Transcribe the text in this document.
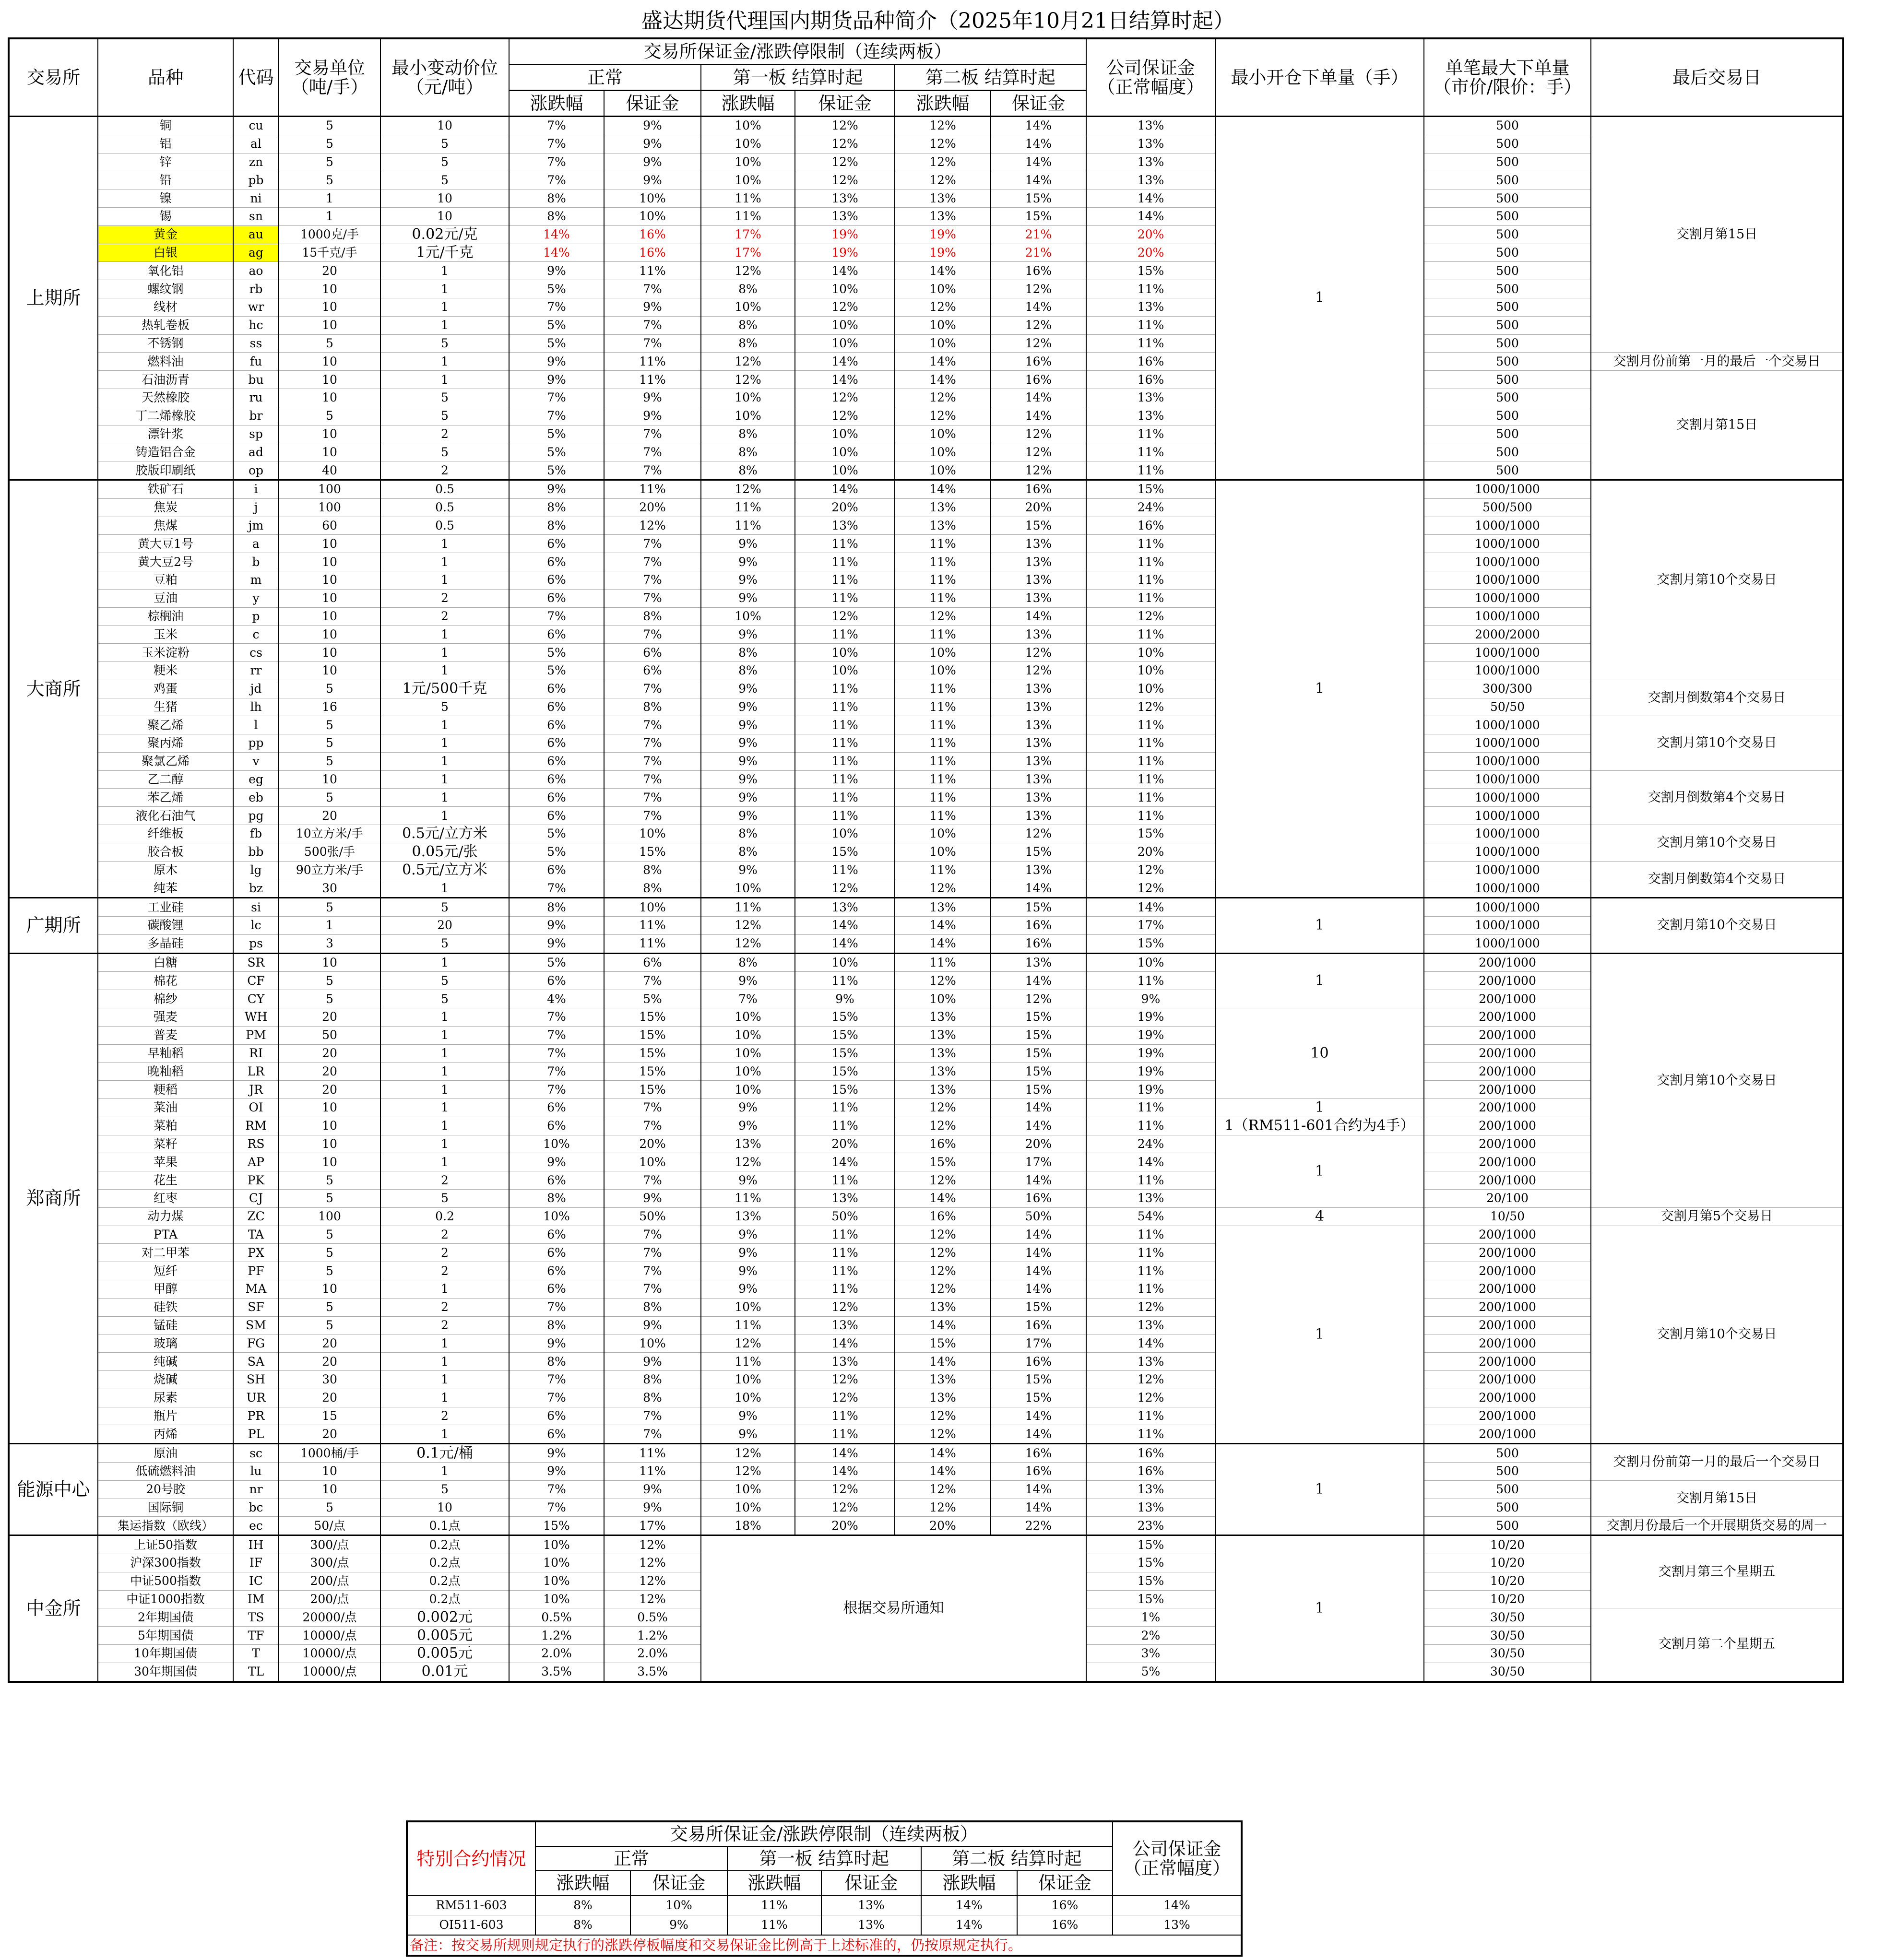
盛达期货代理国内期货品种简介（2025年10月21日结算时起）
交易所	品种	代码	交易单位
（吨/手）	最小变动价位
（元/吨）	交易所保证金/涨跌停限制（连续两板）						公司保证金
（正常幅度）	最小开仓下单量（手）	单笔最大下单量
（市价/限价：手）	最后交易日
					正常		第一板 结算时起		第二板 结算时起					
					涨跌幅	保证金	涨跌幅	保证金	涨跌幅	保证金				
上期所	铜	cu	5	10	7%	9%	10%	12%	12%	14%	13%	1	500	交割月第15日
	铝	al	5	5	7%	9%	10%	12%	12%	14%	13%		500	
	锌	zn	5	5	7%	9%	10%	12%	12%	14%	13%		500	
	铅	pb	5	5	7%	9%	10%	12%	12%	14%	13%		500	
	镍	ni	1	10	8%	10%	11%	13%	13%	15%	14%		500	
	锡	sn	1	10	8%	10%	11%	13%	13%	15%	14%		500	
	黄金	au	1000克/手	0.02元/克	14%	16%	17%	19%	19%	21%	20%		500	
	白银	ag	15千克/手	1元/千克	14%	16%	17%	19%	19%	21%	20%		500	
	氧化铝	ao	20	1	9%	11%	12%	14%	14%	16%	15%		500	
	螺纹钢	rb	10	1	5%	7%	8%	10%	10%	12%	11%		500	
	线材	wr	10	1	7%	9%	10%	12%	12%	14%	13%		500	
	热轧卷板	hc	10	1	5%	7%	8%	10%	10%	12%	11%		500	
	不锈钢	ss	5	5	5%	7%	8%	10%	10%	12%	11%		500	
	燃料油	fu	10	1	9%	11%	12%	14%	14%	16%	16%		500	交割月份前第一月的最后一个交易日
	石油沥青	bu	10	1	9%	11%	12%	14%	14%	16%	16%		500	交割月第15日
	天然橡胶	ru	10	5	7%	9%	10%	12%	12%	14%	13%		500	
	丁二烯橡胶	br	5	5	7%	9%	10%	12%	12%	14%	13%		500	
	漂针浆	sp	10	2	5%	7%	8%	10%	10%	12%	11%		500	
	铸造铝合金	ad	10	5	5%	7%	8%	10%	10%	12%	11%		500	
	胶版印刷纸	op	40	2	5%	7%	8%	10%	10%	12%	11%		500	
大商所	铁矿石	i	100	0.5	9%	11%	12%	14%	14%	16%	15%	1	1000/1000	交割月第10个交易日
	焦炭	j	100	0.5	8%	20%	11%	20%	13%	20%	24%		500/500	
	焦煤	jm	60	0.5	8%	12%	11%	13%	13%	15%	16%		1000/1000	
	黄大豆1号	a	10	1	6%	7%	9%	11%	11%	13%	11%		1000/1000	
	黄大豆2号	b	10	1	6%	7%	9%	11%	11%	13%	11%		1000/1000	
	豆粕	m	10	1	6%	7%	9%	11%	11%	13%	11%		1000/1000	
	豆油	y	10	2	6%	7%	9%	11%	11%	13%	11%		1000/1000	
	棕榈油	p	10	2	7%	8%	10%	12%	12%	14%	12%		1000/1000	
	玉米	c	10	1	6%	7%	9%	11%	11%	13%	11%		2000/2000	
	玉米淀粉	cs	10	1	5%	6%	8%	10%	10%	12%	10%		1000/1000	
	粳米	rr	10	1	5%	6%	8%	10%	10%	12%	10%		1000/1000	
	鸡蛋	jd	5	1元/500千克	6%	7%	9%	11%	11%	13%	10%		300/300	交割月倒数第4个交易日
	生猪	lh	16	5	6%	8%	9%	11%	11%	13%	12%		50/50	
	聚乙烯	l	5	1	6%	7%	9%	11%	11%	13%	11%		1000/1000	交割月第10个交易日
	聚丙烯	pp	5	1	6%	7%	9%	11%	11%	13%	11%		1000/1000	
	聚氯乙烯	v	5	1	6%	7%	9%	11%	11%	13%	11%		1000/1000	
	乙二醇	eg	10	1	6%	7%	9%	11%	11%	13%	11%		1000/1000	交割月倒数第4个交易日
	苯乙烯	eb	5	1	6%	7%	9%	11%	11%	13%	11%		1000/1000	
	液化石油气	pg	20	1	6%	7%	9%	11%	11%	13%	11%		1000/1000	
	纤维板	fb	10立方米/手	0.5元/立方米	5%	10%	8%	10%	10%	12%	15%		1000/1000	交割月第10个交易日
	胶合板	bb	500张/手	0.05元/张	5%	15%	8%	15%	10%	15%	20%		1000/1000	
	原木	lg	90立方米/手	0.5元/立方米	6%	8%	9%	11%	11%	13%	12%		1000/1000	交割月倒数第4个交易日
	纯苯	bz	30	1	7%	8%	10%	12%	12%	14%	12%		1000/1000	
广期所	工业硅	si	5	5	8%	10%	11%	13%	13%	15%	14%	1	1000/1000	交割月第10个交易日
	碳酸锂	lc	1	20	9%	11%	12%	14%	14%	16%	17%		1000/1000	
	多晶硅	ps	3	5	9%	11%	12%	14%	14%	16%	15%		1000/1000	
郑商所	白糖	SR	10	1	5%	6%	8%	10%	11%	13%	10%	1	200/1000	交割月第10个交易日
	棉花	CF	5	5	6%	7%	9%	11%	12%	14%	11%		200/1000	
	棉纱	CY	5	5	4%	5%	7%	9%	10%	12%	9%		200/1000	
	强麦	WH	20	1	7%	15%	10%	15%	13%	15%	19%	10	200/1000	
	普麦	PM	50	1	7%	15%	10%	15%	13%	15%	19%		200/1000	
	早籼稻	RI	20	1	7%	15%	10%	15%	13%	15%	19%		200/1000	
	晚籼稻	LR	20	1	7%	15%	10%	15%	13%	15%	19%		200/1000	
	粳稻	JR	20	1	7%	15%	10%	15%	13%	15%	19%		200/1000	
	菜油	OI	10	1	6%	7%	9%	11%	12%	14%	11%	1	200/1000	
	菜粕	RM	10	1	6%	7%	9%	11%	12%	14%	11%	1（RM511-601合约为4手）	200/1000	
	菜籽	RS	10	1	10%	20%	13%	20%	16%	20%	24%	1	200/1000	
	苹果	AP	10	1	9%	10%	12%	14%	15%	17%	14%		200/1000	
	花生	PK	5	2	6%	7%	9%	11%	12%	14%	11%		200/1000	
	红枣	CJ	5	5	8%	9%	11%	13%	14%	16%	13%		20/100	
	动力煤	ZC	100	0.2	10%	50%	13%	50%	16%	50%	54%	4	10/50	交割月第5个交易日
	PTA	TA	5	2	6%	7%	9%	11%	12%	14%	11%	1	200/1000	交割月第10个交易日
	对二甲苯	PX	5	2	6%	7%	9%	11%	12%	14%	11%		200/1000	
	短纤	PF	5	2	6%	7%	9%	11%	12%	14%	11%		200/1000	
	甲醇	MA	10	1	6%	7%	9%	11%	12%	14%	11%		200/1000	
	硅铁	SF	5	2	7%	8%	10%	12%	13%	15%	12%		200/1000	
	锰硅	SM	5	2	8%	9%	11%	13%	14%	16%	13%		200/1000	
	玻璃	FG	20	1	9%	10%	12%	14%	15%	17%	14%		200/1000	
	纯碱	SA	20	1	8%	9%	11%	13%	14%	16%	13%		200/1000	
	烧碱	SH	30	1	7%	8%	10%	12%	13%	15%	12%		200/1000	
	尿素	UR	20	1	7%	8%	10%	12%	13%	15%	12%		200/1000	
	瓶片	PR	15	2	6%	7%	9%	11%	12%	14%	11%		200/1000	
	丙烯	PL	20	1	6%	7%	9%	11%	12%	14%	11%		200/1000	
能源中心	原油	sc	1000桶/手	0.1元/桶	9%	11%	12%	14%	14%	16%	16%	1	500	交割月份前第一月的最后一个交易日
	低硫燃料油	lu	10	1	9%	11%	12%	14%	14%	16%	16%		500	
	20号胶	nr	10	5	7%	9%	10%	12%	12%	14%	13%		500	交割月第15日
	国际铜	bc	5	10	7%	9%	10%	12%	12%	14%	13%		500	
	集运指数（欧线）	ec	50/点	0.1点	15%	17%	18%	20%	20%	22%	23%		500	交割月份最后一个开展期货交易的周一
中金所	上证50指数	IH	300/点	0.2点	10%	12%	根据交易所通知				15%	1	10/20	交割月第三个星期五
	沪深300指数	IF	300/点	0.2点	10%	12%					15%		10/20	
	中证500指数	IC	200/点	0.2点	10%	12%					15%		10/20	
	中证1000指数	IM	200/点	0.2点	10%	12%					15%		10/20	
	2年期国债	TS	20000/点	0.002元	0.5%	0.5%					1%		30/50	交割月第二个星期五
	5年期国债	TF	10000/点	0.005元	1.2%	1.2%					2%		30/50	
	10年期国债	T	10000/点	0.005元	2.0%	2.0%					3%		30/50	
	30年期国债	TL	10000/点	0.01元	3.5%	3.5%					5%		30/50	
特别合约情况	交易所保证金/涨跌停限制（连续两板）						公司保证金
（正常幅度）
	正常		第一板 结算时起		第二板 结算时起		
	涨跌幅	保证金	涨跌幅	保证金	涨跌幅	保证金	
RM511-603	8%	10%	11%	13%	14%	16%	14%
OI511-603	8%	9%	11%	13%	14%	16%	13%
备注：按交易所规则规定执行的涨跌停板幅度和交易保证金比例高于上述标准的，仍按原规定执行。							
